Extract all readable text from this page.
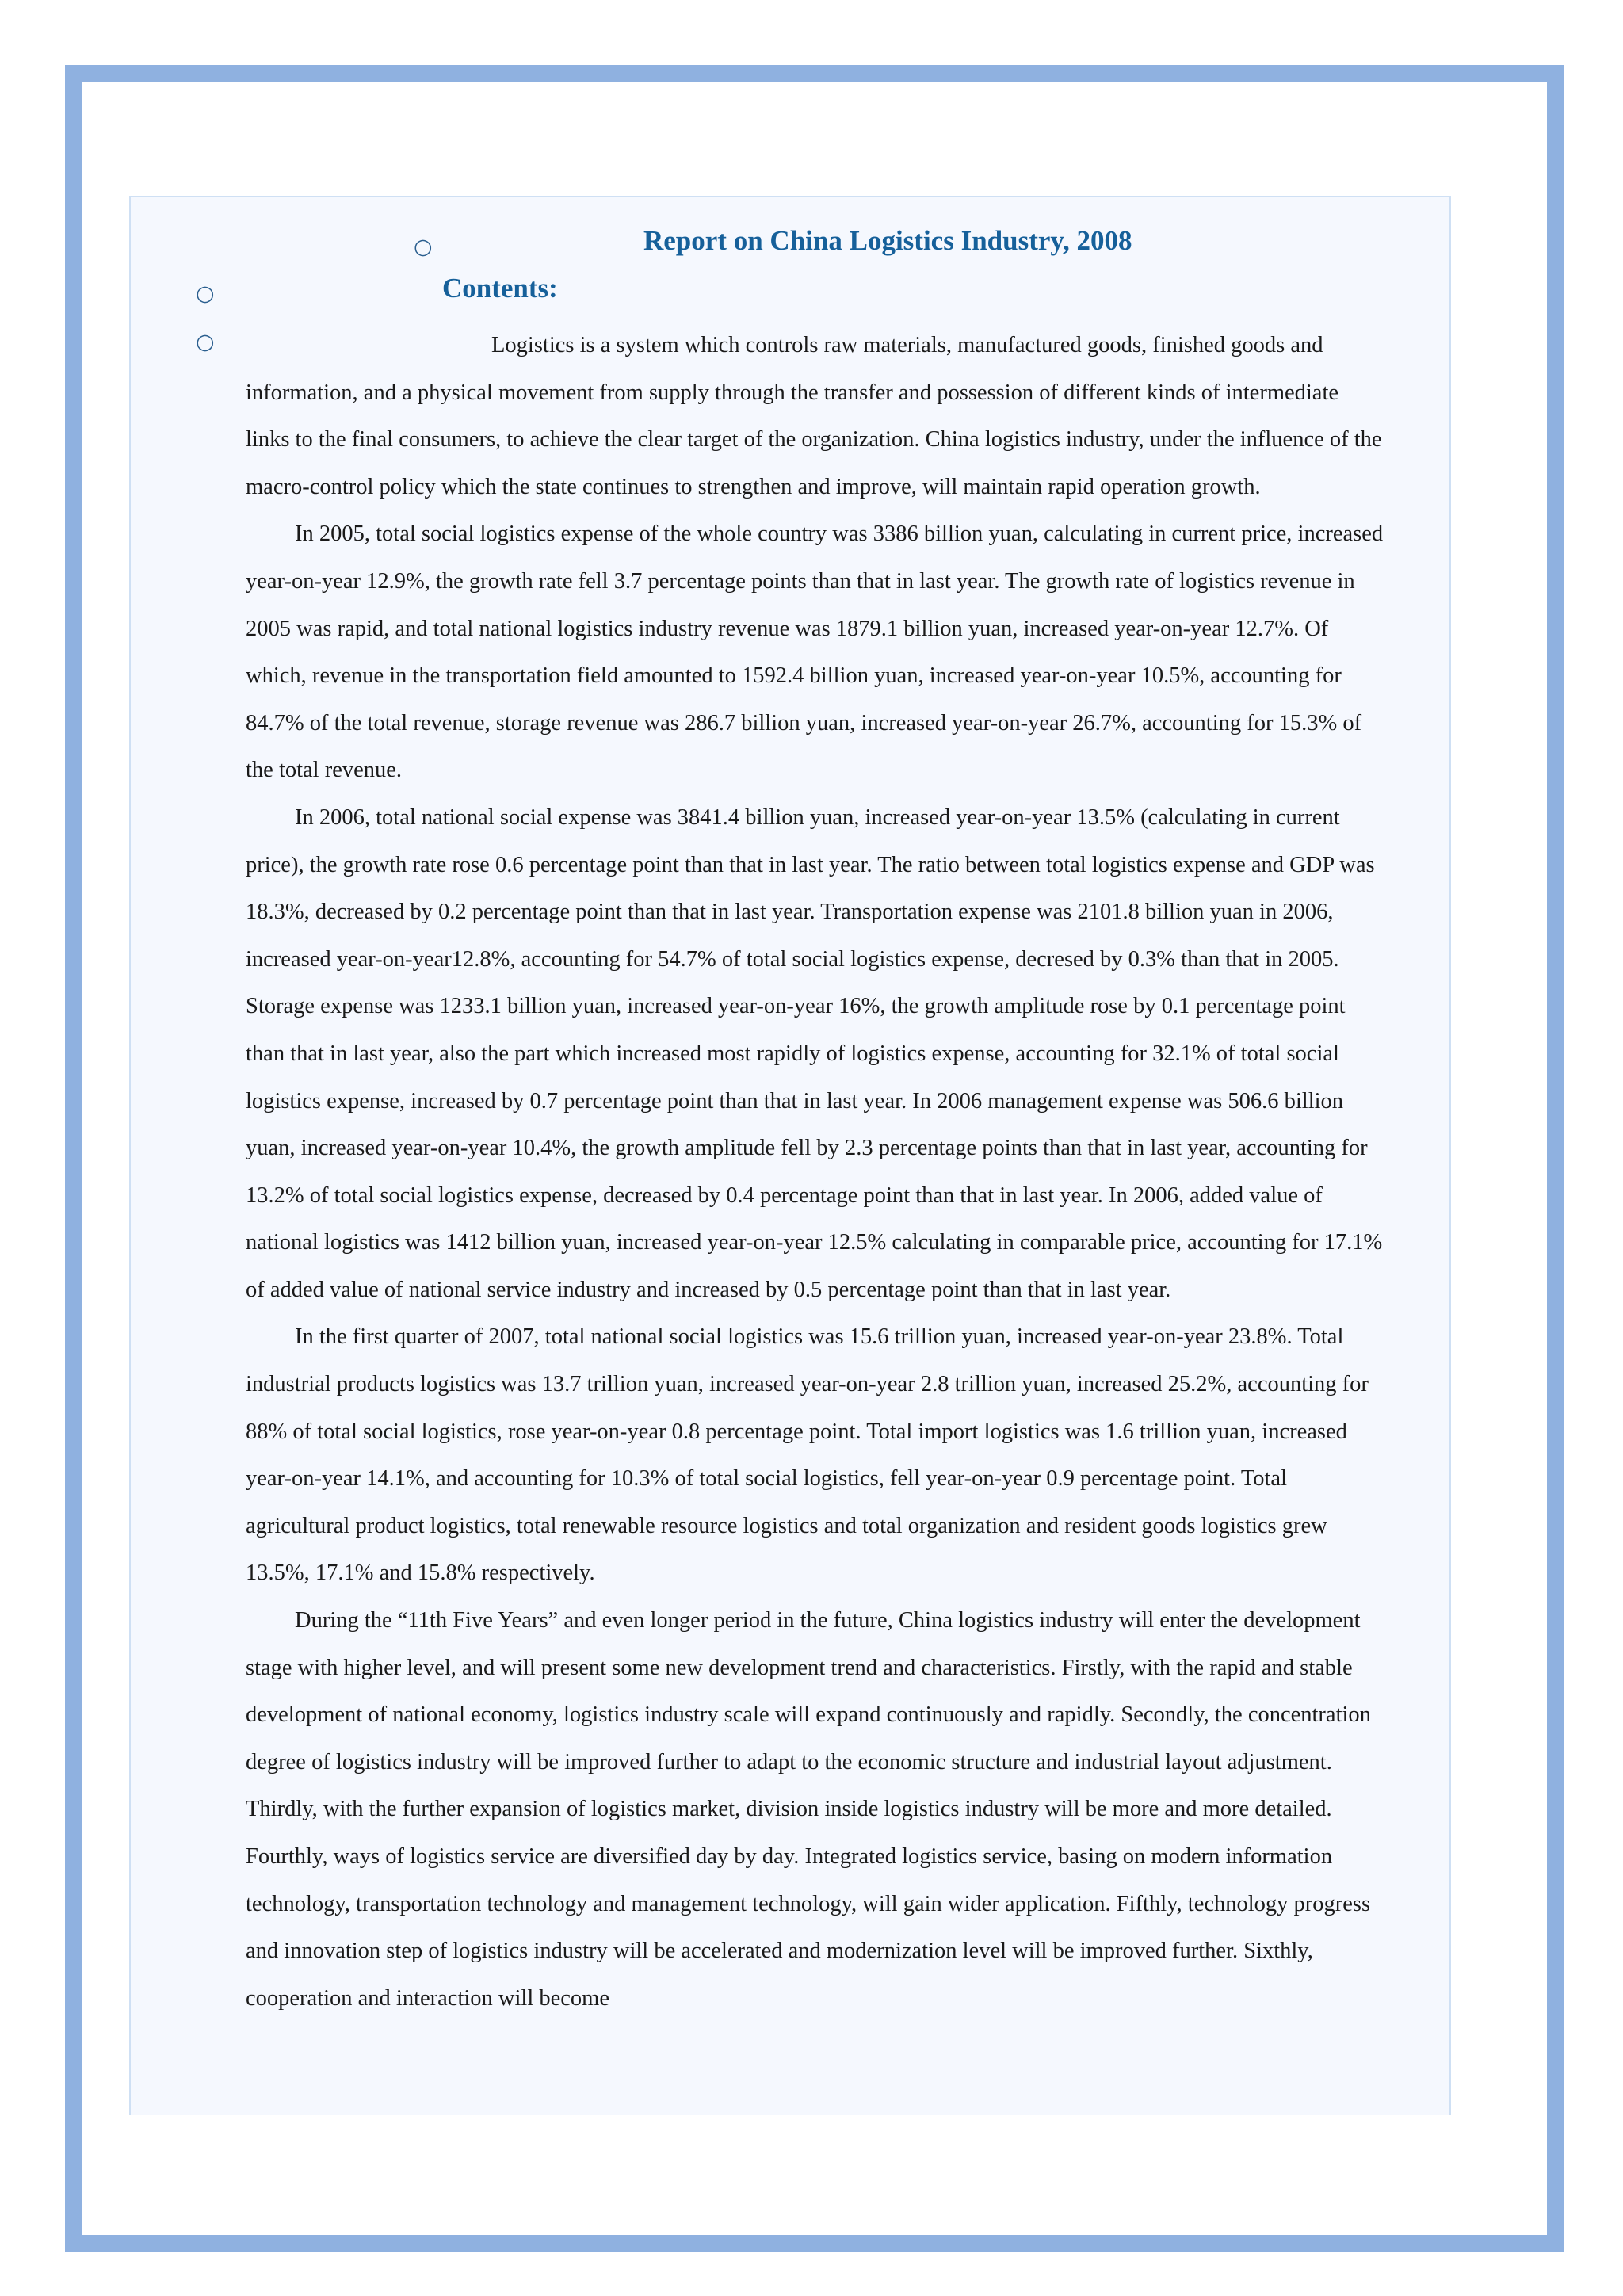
○	Report on China Logistics Industry, 2008
○	Contents:
○	Logistics is a system which controls raw materials, manufactured goods, finished goods and information, and a physical movement from supply through the transfer and possession of different kinds of intermediate links to the final consumers, to achieve the clear target of the organization. China logistics industry, under the influence of the macro-control policy which the state continues to strengthen and improve, will maintain rapid operation growth.

In 2005, total social logistics expense of the whole country was 3386 billion yuan, calculating in current price, increased year-on-year 12.9%, the growth rate fell 3.7 percentage points than that in last year. The growth rate of logistics revenue in 2005 was rapid, and total national logistics industry revenue was 1879.1 billion yuan, increased year-on-year 12.7%. Of which, revenue in the transportation field amounted to 1592.4 billion yuan, increased year-on-year 10.5%, accounting for 84.7% of the total revenue, storage revenue was 286.7 billion yuan, increased year-on-year 26.7%, accounting for 15.3% of the total revenue.

In 2006, total national social expense was 3841.4 billion yuan, increased year-on-year 13.5% (calculating in current price), the growth rate rose 0.6 percentage point than that in last year. The ratio between total logistics expense and GDP was 18.3%, decreased by 0.2 percentage point than that in last year. Transportation expense was 2101.8 billion yuan in 2006, increased year-on-year12.8%, accounting for 54.7% of total social logistics expense, decresed by 0.3% than that in 2005. Storage expense was 1233.1 billion yuan, increased year-on-year 16%, the growth amplitude rose by 0.1 percentage point than that in last year, also the part which increased most rapidly of logistics expense, accounting for 32.1% of total social logistics expense, increased by 0.7 percentage point than that in last year. In 2006 management expense was 506.6 billion yuan, increased year-on-year 10.4%, the growth amplitude fell by 2.3 percentage points than that in last year, accounting for 13.2% of total social logistics expense, decreased by 0.4 percentage point than that in last year. In 2006, added value of national logistics was 1412 billion yuan, increased year-on-year 12.5% calculating in comparable price, accounting for 17.1% of added value of national service industry and increased by 0.5 percentage point than that in last year.

In the first quarter of 2007, total national social logistics was 15.6 trillion yuan, increased year-on-year 23.8%. Total industrial products logistics was 13.7 trillion yuan, increased year-on-year 2.8 trillion yuan, increased 25.2%, accounting for 88% of total social logistics, rose year-on-year 0.8 percentage point. Total import logistics was 1.6 trillion yuan, increased year-on-year 14.1%, and accounting for 10.3% of total social logistics, fell year-on-year 0.9 percentage point. Total agricultural product logistics, total renewable resource logistics and total organization and resident goods logistics grew 13.5%, 17.1% and 15.8% respectively.

During the “11th Five Years” and even longer period in the future, China logistics industry will enter the development stage with higher level, and will present some new development trend and characteristics. Firstly, with the rapid and stable development of national economy, logistics industry scale will expand continuously and rapidly. Secondly, the concentration degree of logistics industry will be improved further to adapt to the economic structure and industrial layout adjustment. Thirdly, with the further expansion of logistics market, division inside logistics industry will be more and more detailed. Fourthly, ways of logistics service are diversified day by day. Integrated logistics service, basing on modern information technology, transportation technology and management technology, will gain wider application. Fifthly, technology progress and innovation step of logistics industry will be accelerated and modernization level will be improved further. Sixthly, cooperation and interaction will become
